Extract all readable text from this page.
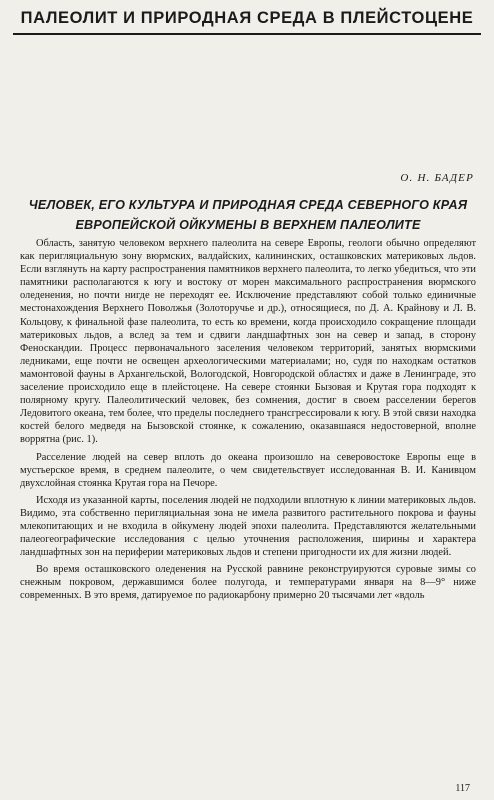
ПАЛЕОЛИТ И ПРИРОДНАЯ СРЕДА В ПЛЕЙСТОЦЕНЕ
О. Н. БАДЕР
ЧЕЛОВЕК, ЕГО КУЛЬТУРА И ПРИРОДНАЯ СРЕДА СЕВЕРНОГО КРАЯ ЕВРОПЕЙСКОЙ ОЙКУМЕНЫ В ВЕРХНЕМ ПАЛЕОЛИТЕ

Область, занятую человеком верхнего палеолита на севере Европы, геологи обычно определяют как перигляциальную зону вюрмских, валдайских, калининских, осташковских материковых льдов. Если взглянуть на карту распространения памятников верхнего палеолита, то легко убедиться, что эти памятники располагаются к югу и востоку от морен максимального распространения вюрмского оледенения, но почти нигде не переходят ее. Исключение представляют собой только единичные местонахождения Верхнего Поволжья (Золоторучье и др.), относящиеся, по Д. А. Крайнову и Л. В. Кольцову, к финальной фазе палеолита, то есть ко времени, когда происходило сокращение площади материковых льдов, а вслед за тем и сдвиги ландшафтных зон на север и запад, в сторону Феноскандии. Процесс первоначального заселения человеком территорий, занятых вюрмскими ледниками, еще почти не освещен археологическими материалами; но, судя по находкам остатков мамонтовой фауны в Архангельской, Вологодской, Новгородской областях и даже в Ленинграде, это заселение происходило еще в плейстоцене. На севере стоянки Бызовая и Крутая гора подходят к полярному кругу. Палеолитический человек, без сомнения, достиг в своем расселении берегов Ледовитого океана, тем более, что пределы последнего трансгрессировали к югу. В этой связи находка костей белого медведя на Бызовской стоянке, к сожалению, оказавшаяся недостоверной, вполне воррятна (рис. 1).

Расселение людей на север вплоть до океана произошло на северовостоке Европы еще в мустьерское время, в среднем палеолите, о чем свидетельствует исследованная В. И. Канивцом двухслойная стоянка Крутая гора на Печоре.

Исходя из указанной карты, поселения людей не подходили вплотную к линии материковых льдов. Видимо, эта собственно перигляциальная зона не имела развитого растительного покрова и фауны млекопитающих и не входила в ойкумену людей эпохи палеолита. Представляются желательными палеогеографические исследования с целью уточнения расположения, ширины и характера ландшафтных зон на периферии материковых льдов и степени пригодности их для жизни людей.

Во время осташковского оледенения на Русской равнине реконструируются суровые зимы со снежным покровом, державшимся более полугода, и температурами января на 8—9° ниже современных. В это время, датируемое по радиокарбону примерно 20 тысячами лет «вдоль

117
